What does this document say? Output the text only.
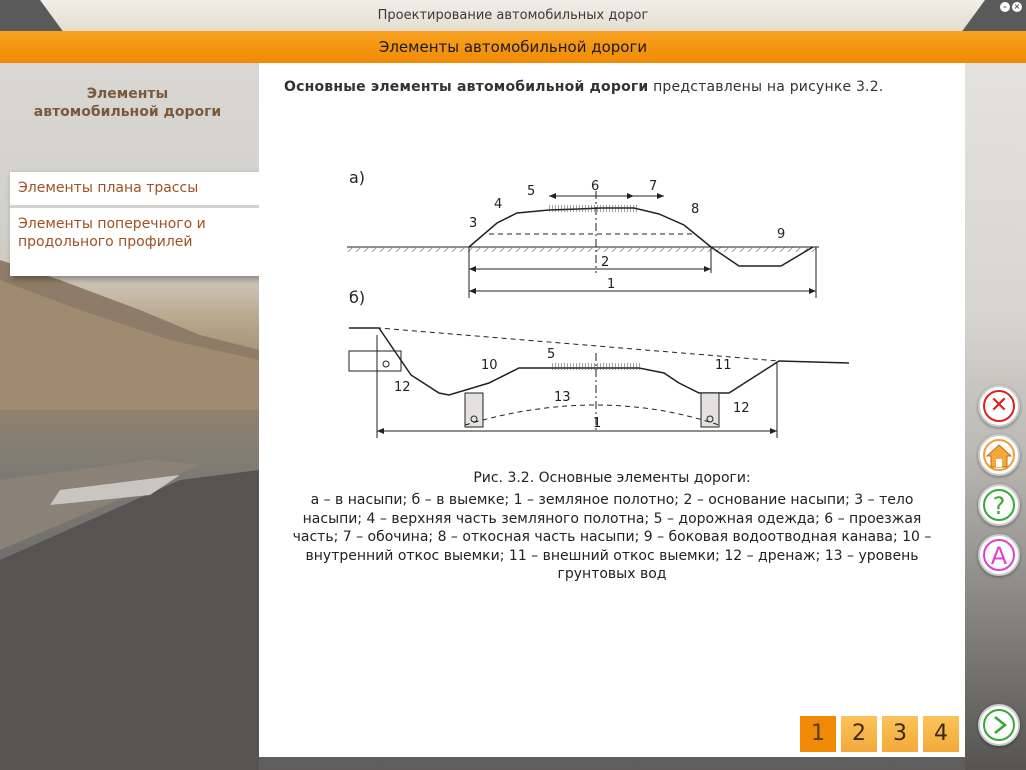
Проектирование автомобильных дорог
– ×
Элементы автомобильной дороги
Элементы автомобильной дороги
Элементы плана трассы
Элементы поперечного и продольного профилей
Основные элементы автомобильной дороги представлены на рисунке 3.2.
а)	6
5	7
4
3
8
9
2
1
б)
5
10	11
12
12
13
1
Рис. 3.2. Основные элементы дороги:
а – в насыпи; б – в выемке; 1 – земляное полотно; 2 – основание насыпи; 3 – тело насыпи; 4 – верхняя часть земляного полотна; 5 – дорожная одежда; 6 – проезжая часть; 7 – обочина; 8 – откосная часть насыпи; 9 – боковая водоотводная канава; 10 – внутренний откос выемки; 11 – внешний откос выемки; 12 – дренаж; 13 – уровень грунтовых вод
1	2	3	4
✕
?
A
